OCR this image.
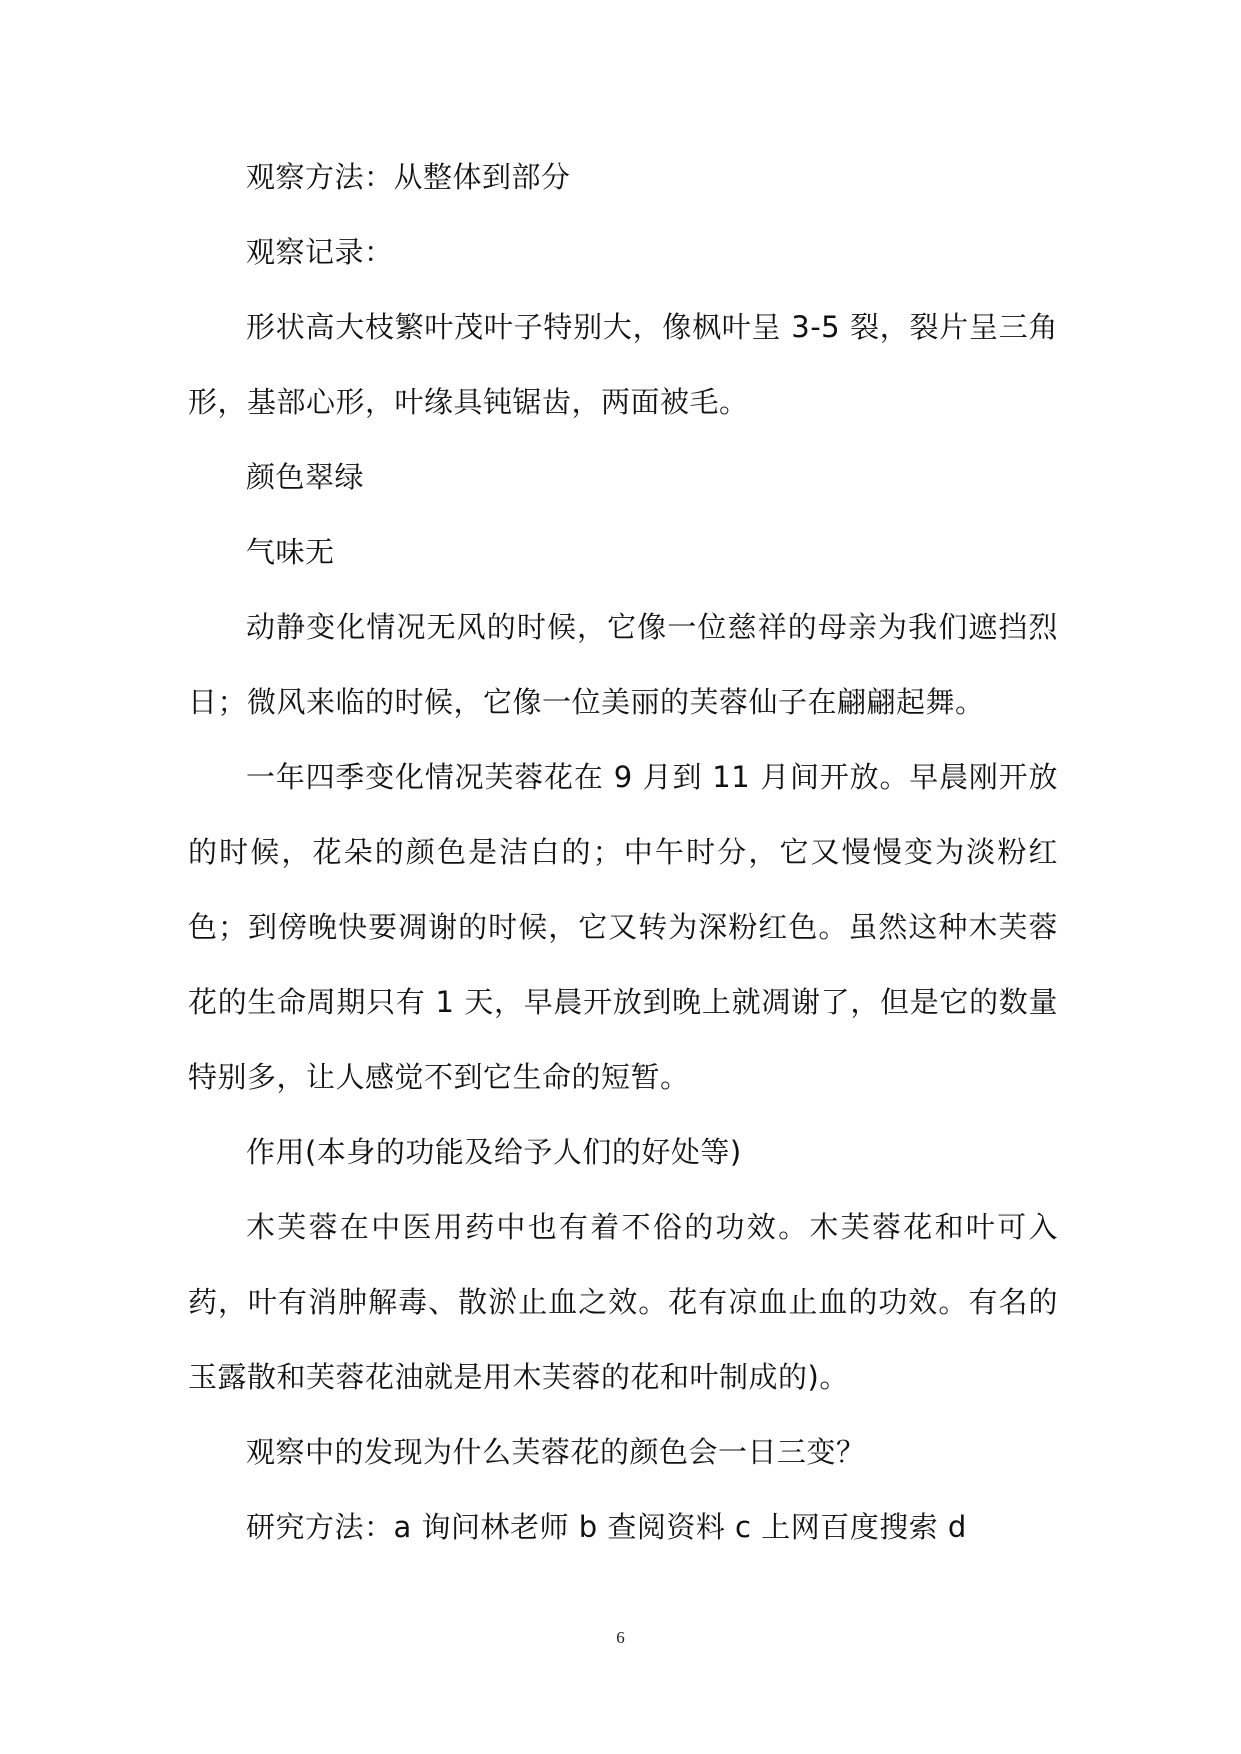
观察方法：从整体到部分

观察记录：

形状高大枝繁叶茂叶子特别大，像枫叶呈 3-5 裂，裂片呈三角形，基部心形，叶缘具钝锯齿，两面被毛。

颜色翠绿

气味无

动静变化情况无风的时候，它像一位慈祥的母亲为我们遮挡烈日；微风来临的时候，它像一位美丽的芙蓉仙子在翩翩起舞。

一年四季变化情况芙蓉花在 9 月到 11 月间开放。早晨刚开放的时候，花朵的颜色是洁白的；中午时分，它又慢慢变为淡粉红色；到傍晚快要凋谢的时候，它又转为深粉红色。虽然这种木芙蓉花的生命周期只有 1 天，早晨开放到晚上就凋谢了，但是它的数量特别多，让人感觉不到它生命的短暂。

作用(本身的功能及给予人们的好处等)

木芙蓉在中医用药中也有着不俗的功效。木芙蓉花和叶可入药，叶有消肿解毒、散淤止血之效。花有凉血止血的功效。有名的玉露散和芙蓉花油就是用木芙蓉的花和叶制成的)。

观察中的发现为什么芙蓉花的颜色会一日三变？

研究方法：a 询问林老师 b 查阅资料 c 上网百度搜索 d

6
